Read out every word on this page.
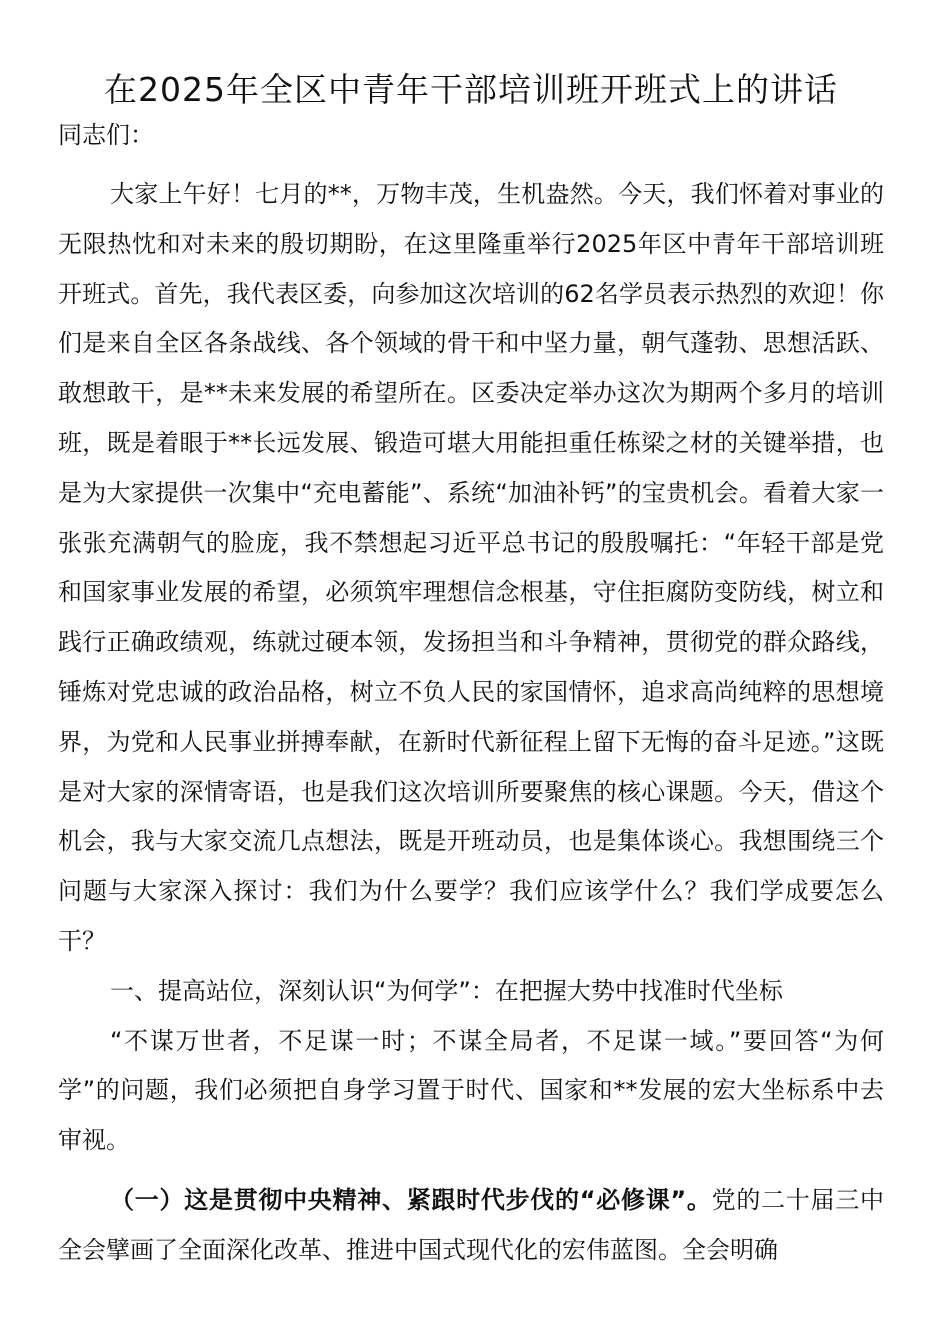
在2025年全区中青年干部培训班开班式上的讲话

同志们：

大家上午好！七月的**，万物丰茂，生机盎然。今天，我们怀着对事业的无限热忱和对未来的殷切期盼，在这里隆重举行2025年区中青年干部培训班开班式。首先，我代表区委，向参加这次培训的62名学员表示热烈的欢迎！你们是来自全区各条战线、各个领域的骨干和中坚力量，朝气蓬勃、思想活跃、敢想敢干，是**未来发展的希望所在。区委决定举办这次为期两个多月的培训班，既是着眼于**长远发展、锻造可堪大用能担重任栋梁之材的关键举措，也是为大家提供一次集中“充电蓄能”、系统“加油补钙”的宝贵机会。看着大家一张张充满朝气的脸庞，我不禁想起习近平总书记的殷殷嘱托：“年轻干部是党和国家事业发展的希望，必须筑牢理想信念根基，守住拒腐防变防线，树立和践行正确政绩观，练就过硬本领，发扬担当和斗争精神，贯彻党的群众路线，锤炼对党忠诚的政治品格，树立不负人民的家国情怀，追求高尚纯粹的思想境界，为党和人民事业拼搏奉献，在新时代新征程上留下无悔的奋斗足迹。”这既是对大家的深情寄语，也是我们这次培训所要聚焦的核心课题。今天，借这个机会，我与大家交流几点想法，既是开班动员，也是集体谈心。我想围绕三个问题与大家深入探讨：我们为什么要学？我们应该学什么？我们学成要怎么干？

一、提高站位，深刻认识“为何学”：在把握大势中找准时代坐标

“不谋万世者，不足谋一时；不谋全局者，不足谋一域。”要回答“为何学”的问题，我们必须把自身学习置于时代、国家和**发展的宏大坐标系中去审视。

（一）这是贯彻中央精神、紧跟时代步伐的“必修课”。党的二十届三中全会擘画了全面深化改革、推进中国式现代化的宏伟蓝图。全会明确
